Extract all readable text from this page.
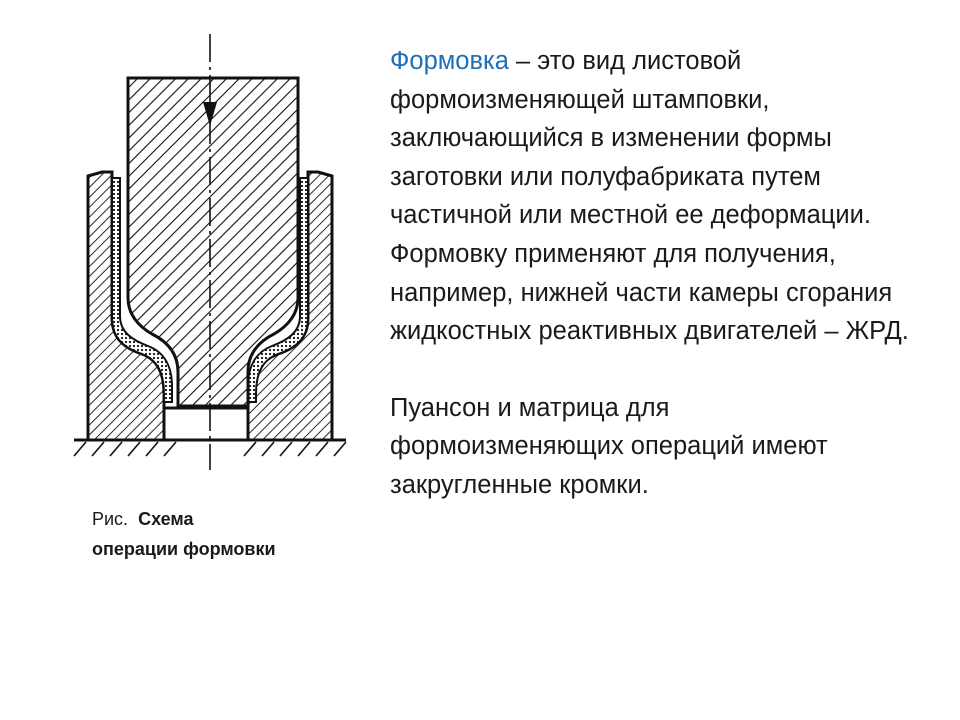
Рис. Схема
операции формовки

Формовка – это вид листовой формоизменяющей штамповки, заключающийся в изменении формы заготовки или полуфабриката путем частичной или местной ее деформации. Формовку применяют для получения, например, нижней части камеры сгорания жидкостных реактивных двигателей – ЖРД.

Пуансон и матрица для формоизменяющих операций имеют закругленные кромки.
